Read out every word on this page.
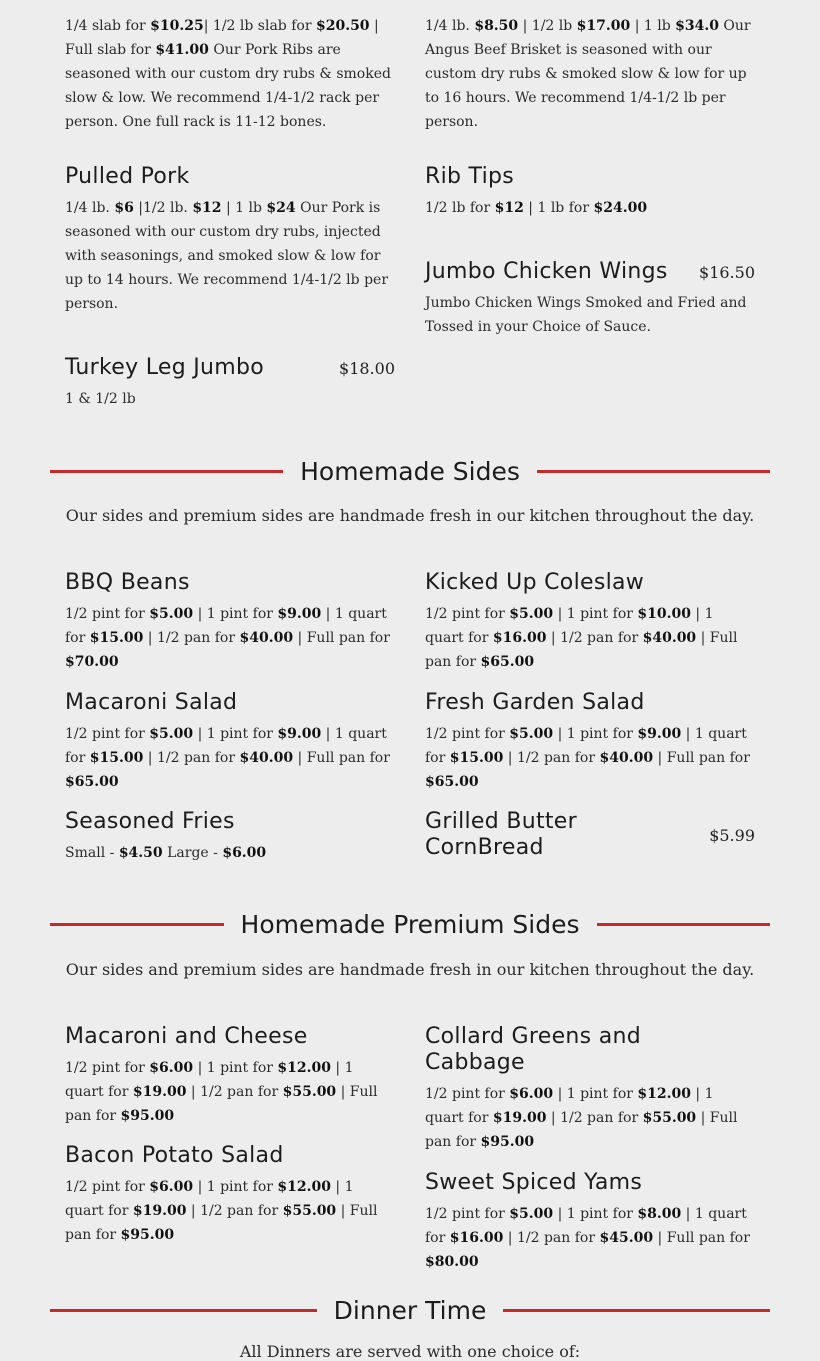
1/4 slab for $10.25| 1/2 lb slab for $20.50 | Full slab for $41.00 Our Pork Ribs are seasoned with our custom dry rubs & smoked slow & low. We recommend 1/4-1/2 rack per person. One full rack is 11-12 bones.
1/4 lb. $8.50 | 1/2 lb $17.00 | 1 lb $34.0 Our Angus Beef Brisket is seasoned with our custom dry rubs & smoked slow & low for up to 16 hours. We recommend 1/4-1/2 lb per person.
Pulled Pork
1/4 lb. $6 |1/2 lb. $12 | 1 lb $24 Our Pork is seasoned with our custom dry rubs, injected with seasonings, and smoked slow & low for up to 14 hours. We recommend 1/4-1/2 lb per person.
Rib Tips
1/2 lb for $12 | 1 lb for $24.00
Jumbo Chicken Wings $16.50
Jumbo Chicken Wings Smoked and Fried and Tossed in your Choice of Sauce.
Turkey Leg Jumbo	$18.00
1 & 1/2 lb
Homemade Sides
Our sides and premium sides are handmade fresh in our kitchen throughout the day.
BBQ Beans
1/2 pint for $5.00 | 1 pint for $9.00 | 1 quart for $15.00 | 1/2 pan for $40.00 | Full pan for $70.00
Kicked Up Coleslaw
1/2 pint for $5.00 | 1 pint for $10.00 | 1 quart for $16.00 | 1/2 pan for $40.00 | Full pan for $65.00
Macaroni Salad
1/2 pint for $5.00 | 1 pint for $9.00 | 1 quart for $15.00 | 1/2 pan for $40.00 | Full pan for $65.00
Fresh Garden Salad
1/2 pint for $5.00 | 1 pint for $9.00 | 1 quart for $15.00 | 1/2 pan for $40.00 | Full pan for $65.00
Seasoned Fries
Small - $4.50 Large - $6.00
Grilled Butter CornBread	$5.99
Homemade Premium Sides
Our sides and premium sides are handmade fresh in our kitchen throughout the day.
Macaroni and Cheese
1/2 pint for $6.00 | 1 pint for $12.00 | 1 quart for $19.00 | 1/2 pan for $55.00 | Full pan for $95.00
Collard Greens and Cabbage
1/2 pint for $6.00 | 1 pint for $12.00 | 1 quart for $19.00 | 1/2 pan for $55.00 | Full pan for $95.00
Bacon Potato Salad
1/2 pint for $6.00 | 1 pint for $12.00 | 1 quart for $19.00 | 1/2 pan for $55.00 | Full pan for $95.00
Sweet Spiced Yams
1/2 pint for $5.00 | 1 pint for $8.00 | 1 quart for $16.00 | 1/2 pan for $45.00 | Full pan for $80.00
Dinner Time
All Dinners are served with one choice of:
